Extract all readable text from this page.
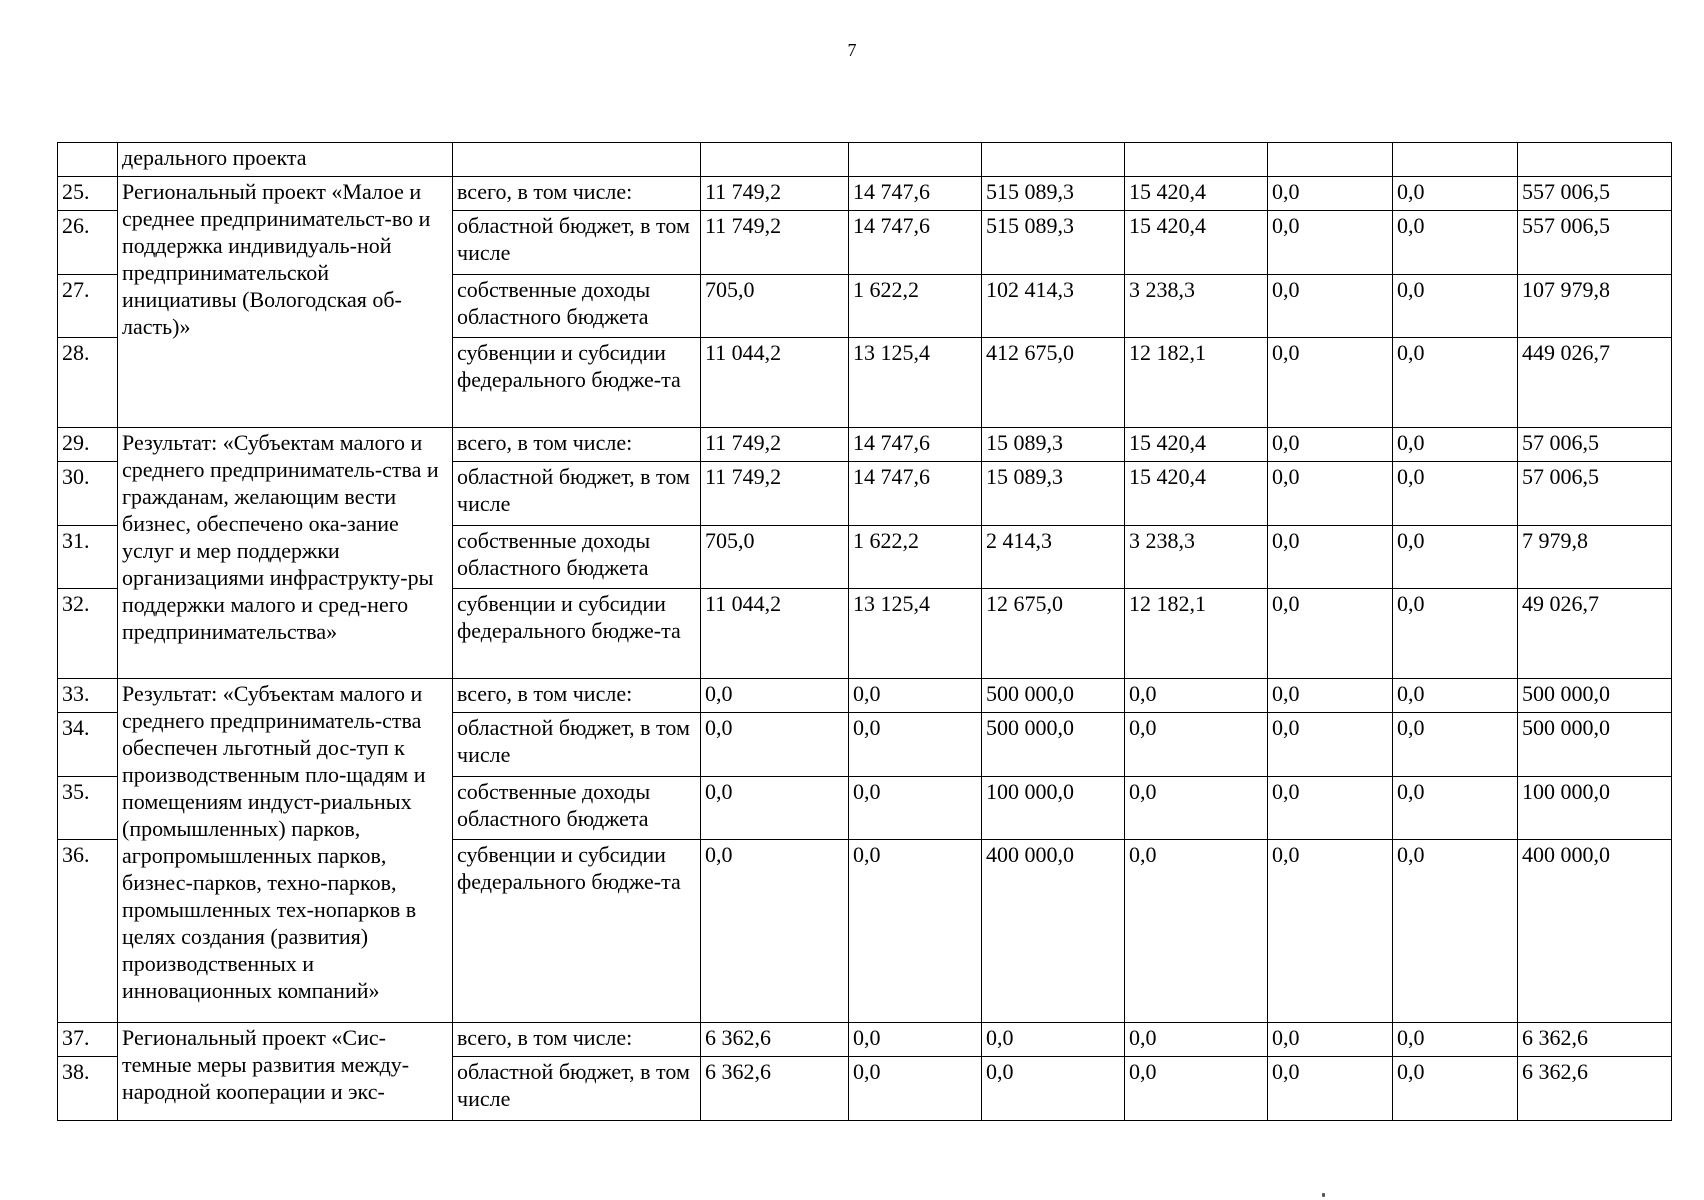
7
	дерального проекта								
25.	Региональный проект «Малое и среднее предпринимательст-во и поддержка индивидуаль-ной предпринимательской инициативы (Вологодская об-ласть)»	всего, в том числе:	11 749,2	14 747,6	515 089,3	15 420,4	0,0	0,0	557 006,5
26.		областной бюджет, в том числе	11 749,2	14 747,6	515 089,3	15 420,4	0,0	0,0	557 006,5
27.		собственные доходы областного бюджета	705,0	1 622,2	102 414,3	3 238,3	0,0	0,0	107 979,8
28.		субвенции и субсидии федерального бюдже-та	11 044,2	13 125,4	412 675,0	12 182,1	0,0	0,0	449 026,7
29.	Результат: «Субъектам малого и среднего предприниматель-ства и гражданам, желающим вести бизнес, обеспечено ока-зание услуг и мер поддержки организациями инфраструкту-ры поддержки малого и сред-него предпринимательства»	всего, в том числе:	11 749,2	14 747,6	15 089,3	15 420,4	0,0	0,0	57 006,5
30.		областной бюджет, в том числе	11 749,2	14 747,6	15 089,3	15 420,4	0,0	0,0	57 006,5
31.		собственные доходы областного бюджета	705,0	1 622,2	2 414,3	3 238,3	0,0	0,0	7 979,8
32.		субвенции и субсидии федерального бюдже-та	11 044,2	13 125,4	12 675,0	12 182,1	0,0	0,0	49 026,7
33.	Результат: «Субъектам малого и среднего предприниматель-ства обеспечен льготный дос-туп к производственным пло-щадям и помещениям индуст-риальных (промышленных) парков, агропромышленных парков, бизнес-парков, техно-парков, промышленных тех-нопарков в целях создания (развития) производственных и инновационных компаний»	всего, в том числе:	0,0	0,0	500 000,0	0,0	0,0	0,0	500 000,0
34.		областной бюджет, в том числе	0,0	0,0	500 000,0	0,0	0,0	0,0	500 000,0
35.		собственные доходы областного бюджета	0,0	0,0	100 000,0	0,0	0,0	0,0	100 000,0
36.		субвенции и субсидии федерального бюдже-та	0,0	0,0	400 000,0	0,0	0,0	0,0	400 000,0
37.	Региональный проект «Сис-темные меры развития между-народной кооперации и экс-	всего, в том числе:	6 362,6	0,0	0,0	0,0	0,0	0,0	6 362,6
38.		областной бюджет, в том числе	6 362,6	0,0	0,0	0,0	0,0	0,0	6 362,6
